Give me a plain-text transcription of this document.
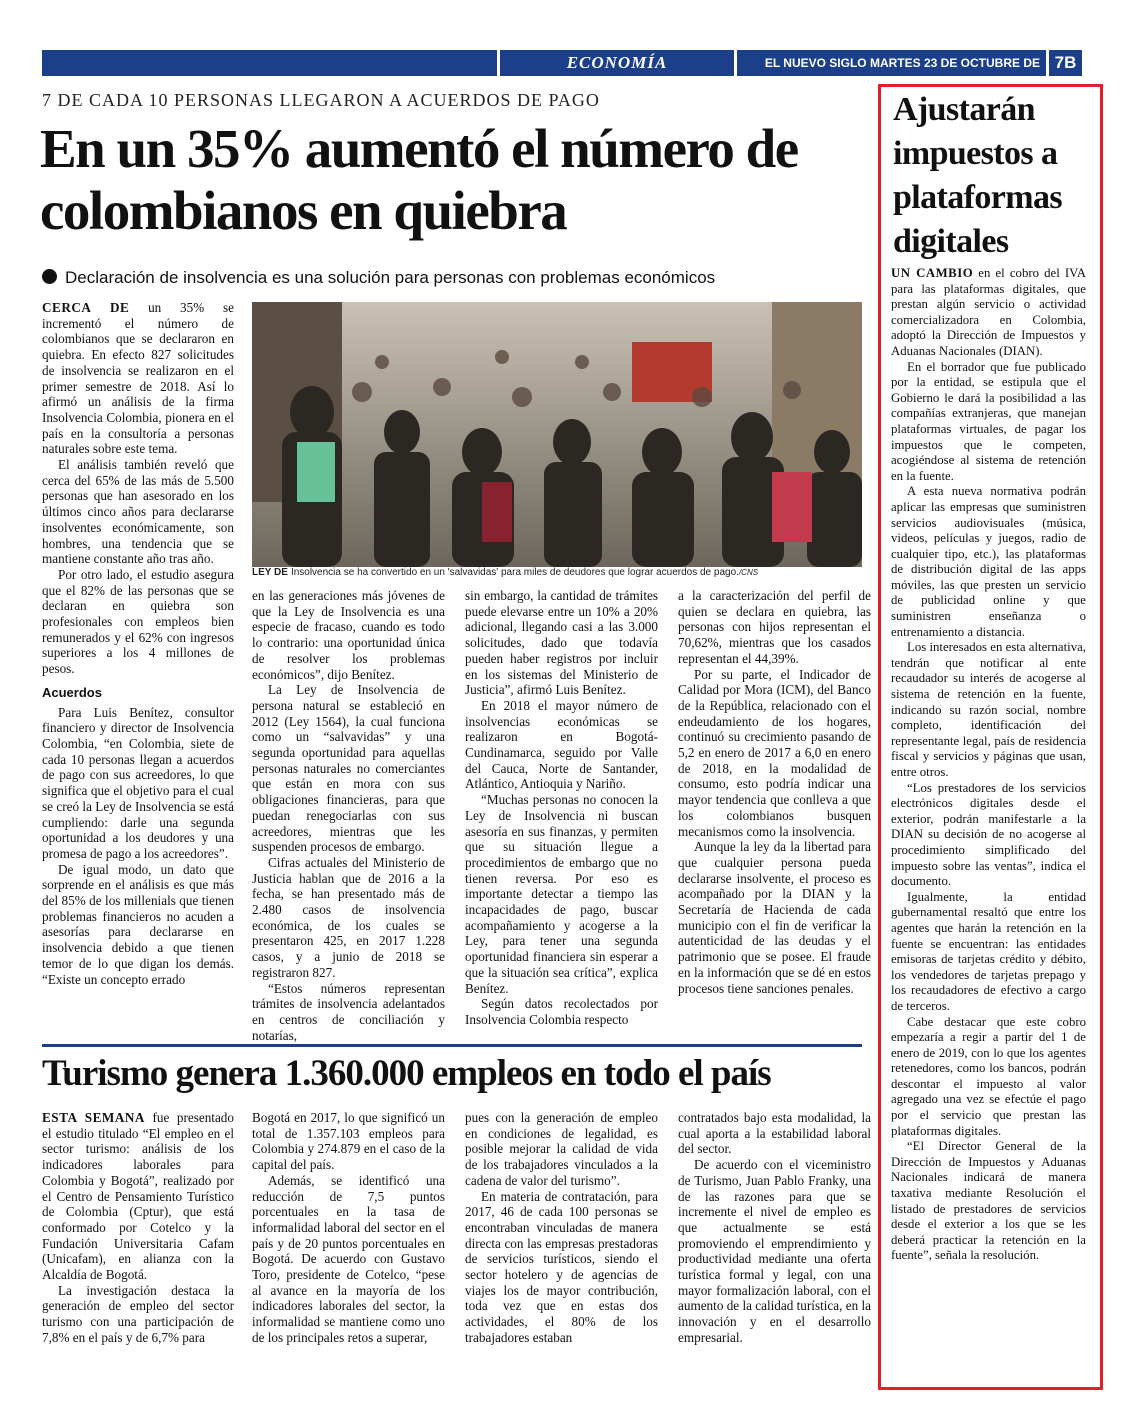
ECONOMÍA	EL NUEVO SIGLO MARTES 23 DE OCTUBRE DE 2018
7B
7 DE CADA 10 PERSONAS LLEGARON A ACUERDOS DE PAGO
En un 35% aumentó el número de colombianos en quiebra
Declaración de insolvencia es una solución para personas con problemas económicos

CERCA DE un 35% se incrementó el número de colombianos que se declararon en quiebra. En efecto 827 solicitudes de insolvencia se realizaron en el primer semestre de 2018. Así lo afirmó un análisis de la firma Insolvencia Colombia, pionera en el país en la consultoría a personas naturales sobre este tema.

El análisis también reveló que cerca del 65% de las más de 5.500 personas que han asesorado en los últimos cinco años para declararse insolventes económicamente, son hombres, una tendencia que se mantiene constante año tras año.

Por otro lado, el estudio asegura que el 82% de las personas que se declaran en quiebra son profesionales con empleos bien remunerados y el 62% con ingresos superiores a los 4 millones de pesos.

Acuerdos

Para Luis Benítez, consultor financiero y director de Insolvencia Colombia, “en Colombia, siete de cada 10 personas llegan a acuerdos de pago con sus acreedores, lo que significa que el objetivo para el cual se creó la Ley de Insolvencia se está cumpliendo: darle una segunda oportunidad a los deudores y una promesa de pago a los acreedores”.

De igual modo, un dato que sorprende en el análisis es que más del 85% de los millenials que tienen problemas financieros no acuden a asesorías para declararse en insolvencia debido a que tienen temor de lo que digan los demás. “Existe un concepto errado

LEY DE Insolvencia se ha convertido en un 'salvavidas' para miles de deudores que lograr acuerdos de pago./CNS

en las generaciones más jóvenes de que la Ley de Insolvencia es una especie de fracaso, cuando es todo lo contrario: una oportunidad única de resolver los problemas económicos”, dijo Benítez.

La Ley de Insolvencia de persona natural se estableció en 2012 (Ley 1564), la cual funciona como un “salvavidas” y una segunda oportunidad para aquellas personas naturales no comerciantes que están en mora con sus obligaciones financieras, para que puedan renegociarlas con sus acreedores, mientras que les suspenden procesos de embargo.

Cifras actuales del Ministerio de Justicia hablan que de 2016 a la fecha, se han presentado más de 2.480 casos de insolvencia económica, de los cuales se presentaron 425, en 2017 1.228 casos, y a junio de 2018 se registraron 827.

“Estos números representan trámites de insolvencia adelantados en centros de conciliación y notarías,

sin embargo, la cantidad de trámites puede elevarse entre un 10% a 20% adicional, llegando casi a las 3.000 solicitudes, dado que todavía pueden haber registros por incluir en los sistemas del Ministerio de Justicia”, afirmó Luis Benítez.

En 2018 el mayor número de insolvencias económicas se realizaron en Bogotá-Cundinamarca, seguido por Valle del Cauca, Norte de Santander, Atlántico, Antioquia y Nariño.

“Muchas personas no conocen la Ley de Insolvencia ni buscan asesoría en sus finanzas, y permiten que su situación llegue a procedimientos de embargo que no tienen reversa. Por eso es importante detectar a tiempo las incapacidades de pago, buscar acompañamiento y acogerse a la Ley, para tener una segunda oportunidad financiera sin esperar a que la situación sea crítica”, explica Benítez.

Según datos recolectados por Insolvencia Colombia respecto

a la caracterización del perfil de quien se declara en quiebra, las personas con hijos representan el 70,62%, mientras que los casados representan el 44,39%.

Por su parte, el Indicador de Calidad por Mora (ICM), del Banco de la República, relacionado con el endeudamiento de los hogares, continuó su crecimiento pasando de 5,2 en enero de 2017 a 6,0 en enero de 2018, en la modalidad de consumo, esto podría indicar una mayor tendencia que conlleva a que los colombianos busquen mecanismos como la insolvencia.

Aunque la ley da la libertad para que cualquier persona pueda declararse insolvente, el proceso es acompañado por la DIAN y la Secretaría de Hacienda de cada municipio con el fin de verificar la autenticidad de las deudas y el patrimonio que se posee. El fraude en la información que se dé en estos procesos tiene sanciones penales.

Turismo genera 1.360.000 empleos en todo el país

ESTA SEMANA fue presentado el estudio titulado “El empleo en el sector turismo: análisis de los indicadores laborales para Colombia y Bogotá”, realizado por el Centro de Pensamiento Turístico de Colombia (Cptur), que está conformado por Cotelco y la Fundación Universitaria Cafam (Unicafam), en alianza con la Alcaldía de Bogotá.

La investigación destaca la generación de empleo del sector turismo con una participación de 7,8% en el país y de 6,7% para

Bogotá en 2017, lo que significó un total de 1.357.103 empleos para Colombia y 274.879 en el caso de la capital del país.

Además, se identificó una reducción de 7,5 puntos porcentuales en la tasa de informalidad laboral del sector en el país y de 20 puntos porcentuales en Bogotá. De acuerdo con Gustavo Toro, presidente de Cotelco, “pese al avance en la mayoría de los indicadores laborales del sector, la informalidad se mantiene como uno de los principales retos a superar,

pues con la generación de empleo en condiciones de legalidad, es posible mejorar la calidad de vida de los trabajadores vinculados a la cadena de valor del turismo”.

En materia de contratación, para 2017, 46 de cada 100 personas se encontraban vinculadas de manera directa con las empresas prestadoras de servicios turísticos, siendo el sector hotelero y de agencias de viajes los de mayor contribución, toda vez que en estas dos actividades, el 80% de los trabajadores estaban

contratados bajo esta modalidad, la cual aporta a la estabilidad laboral del sector.

De acuerdo con el viceministro de Turismo, Juan Pablo Franky, una de las razones para que se incremente el nivel de empleo es que actualmente se está promoviendo el emprendimiento y productividad mediante una oferta turística formal y legal, con una mayor formalización laboral, con el aumento de la calidad turística, en la innovación y en el desarrollo empresarial.

Ajustarán impuestos a plataformas digitales

UN CAMBIO en el cobro del IVA para las plataformas digitales, que prestan algún servicio o actividad comercializadora en Colombia, adoptó la Dirección de Impuestos y Aduanas Nacionales (DIAN).

En el borrador que fue publicado por la entidad, se estipula que el Gobierno le dará la posibilidad a las compañías extranjeras, que manejan plataformas virtuales, de pagar los impuestos que le competen, acogiéndose al sistema de retención en la fuente.

A esta nueva normativa podrán aplicar las empresas que suministren servicios audiovisuales (música, videos, películas y juegos, radio de cualquier tipo, etc.), las plataformas de distribución digital de las apps móviles, las que presten un servicio de publicidad online y que suministren enseñanza o entrenamiento a distancia.

Los interesados en esta alternativa, tendrán que notificar al ente recaudador su interés de acogerse al sistema de retención en la fuente, indicando su razón social, nombre completo, identificación del representante legal, país de residencia fiscal y servicios y páginas que usan, entre otros.

“Los prestadores de los servicios electrónicos digitales desde el exterior, podrán manifestarle a la DIAN su decisión de no acogerse al procedimiento simplificado del impuesto sobre las ventas”, indica el documento.

Igualmente, la entidad gubernamental resaltó que entre los agentes que harán la retención en la fuente se encuentran: las entidades emisoras de tarjetas crédito y débito, los vendedores de tarjetas prepago y los recaudadores de efectivo a cargo de terceros.

Cabe destacar que este cobro empezaría a regir a partir del 1 de enero de 2019, con lo que los agentes retenedores, como los bancos, podrán descontar el impuesto al valor agregado una vez se efectúe el pago por el servicio que prestan las plataformas digitales.

“El Director General de la Dirección de Impuestos y Aduanas Nacionales indicará de manera taxativa mediante Resolución el listado de prestadores de servicios desde el exterior a los que se les deberá practicar la retención en la fuente”, señala la resolución.
